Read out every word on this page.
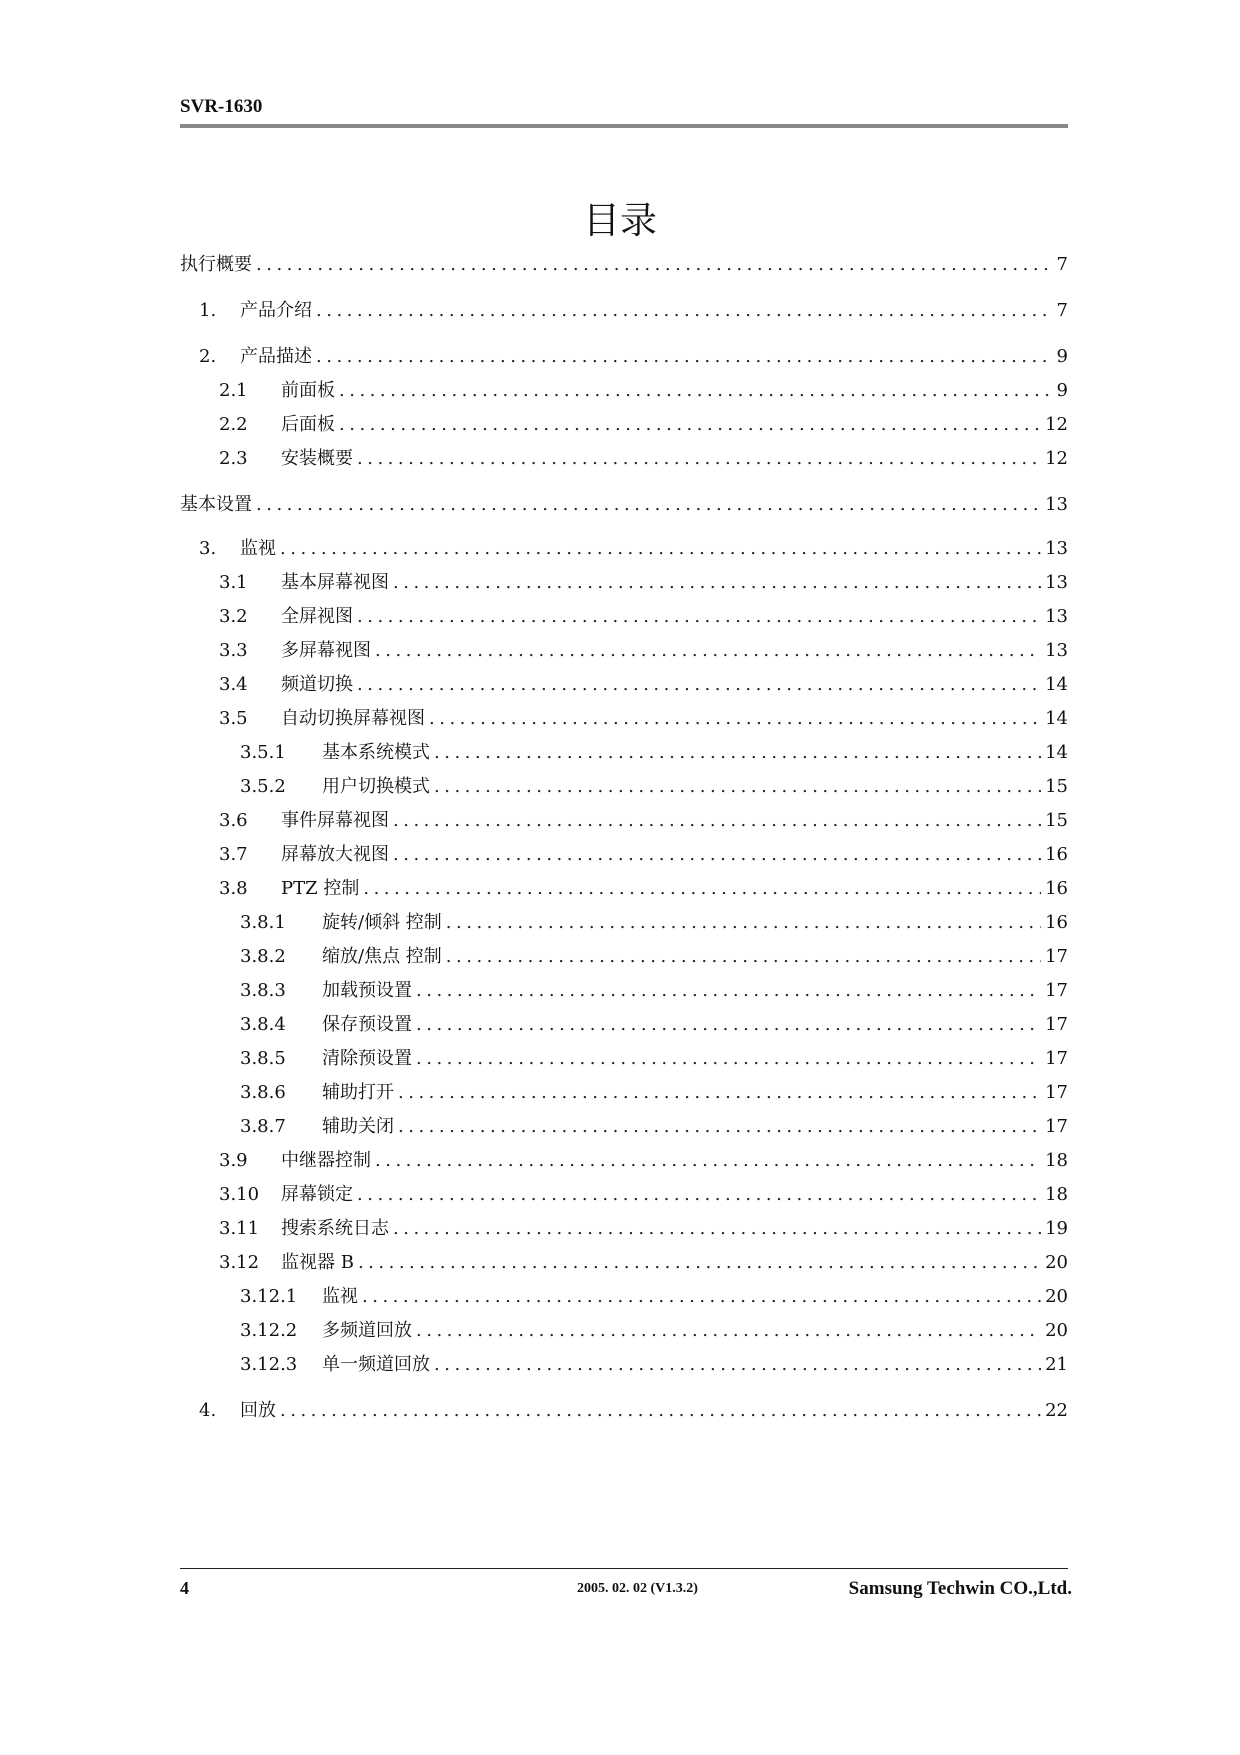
SVR-1630
目录
执行概要 .....	7
1.	产品介绍 .....	7
2.	产品描述 .....	9
2.1	前面板 .....	9
2.2	后面板 .....	12
2.3	安装概要 .....	12
基本设置 .....	13
3.	监视 .....	13
3.1	基本屏幕视图 .....	13
3.2	全屏视图 .....	13
3.3	多屏幕视图 .....	13
3.4	频道切换 .....	14
3.5	自动切换屏幕视图 .....	14
3.5.1	基本系统模式 .....	14
3.5.2	用户切换模式 .....	15
3.6	事件屏幕视图 .....	15
3.7	屏幕放大视图 .....	16
3.8	PTZ 控制 .....	16
3.8.1	旋转/倾斜 控制 .....	16
3.8.2	缩放/焦点 控制 .....	17
3.8.3	加载预设置 .....	17
3.8.4	保存预设置 .....	17
3.8.5	清除预设置 .....	17
3.8.6	辅助打开 .....	17
3.8.7	辅助关闭 .....	17
3.9	中继器控制 .....	18
3.10	屏幕锁定 .....	18
3.11	搜索系统日志 .....	19
3.12	监视器 B .....	20
3.12.1	监视 .....	20
3.12.2	多频道回放 .....	20
3.12.3	单一频道回放 .....	21
4.	回放 .....	22
4	2005. 02. 02 (V1.3.2)	Samsung Techwin CO.,Ltd.
